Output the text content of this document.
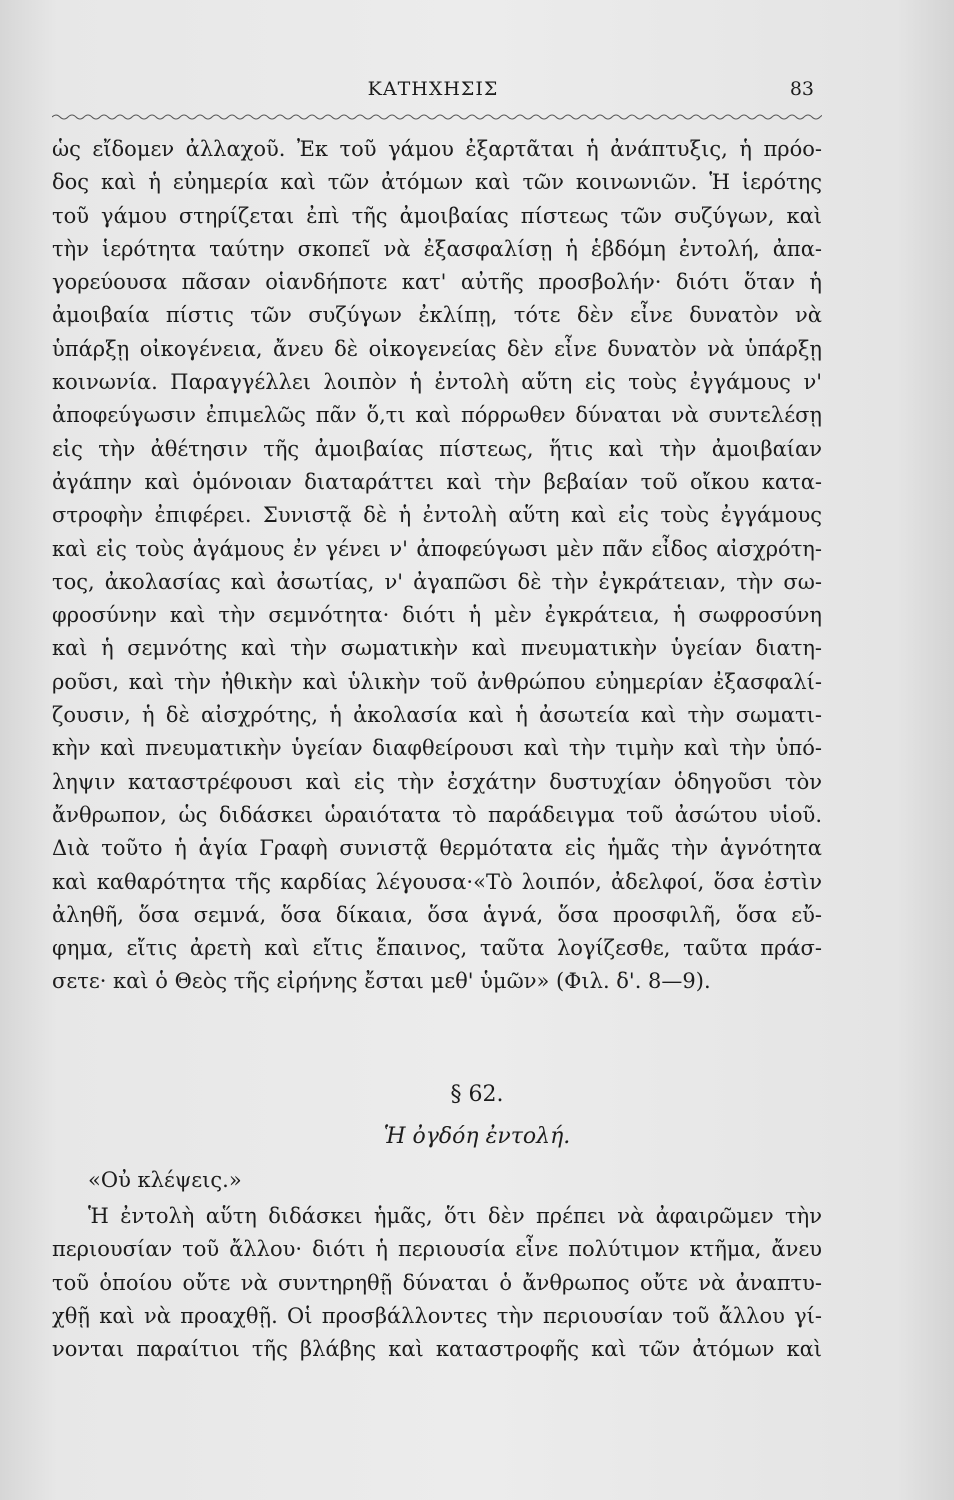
ΚΑΤΗΧΗΣΙΣ	83
ὡς εἴδομεν ἀλλαχοῦ. Ἐκ τοῦ γάμου ἐξαρτᾶται ἡ ἀνάπτυξις, ἡ πρόο-
δος καὶ ἡ εὐημερία καὶ τῶν ἀτόμων καὶ τῶν κοινωνιῶν. Ἡ ἱερότης
τοῦ γάμου στηρίζεται ἐπὶ τῆς ἀμοιβαίας πίστεως τῶν συζύγων, καὶ
τὴν ἱερότητα ταύτην σκοπεῖ νὰ ἐξασφαλίσῃ ἡ ἑβδόμη ἐντολή, ἀπα-
γορεύουσα πᾶσαν οἱανδήποτε κατ' αὐτῆς προσβολήν· διότι ὅταν ἡ
ἀμοιβαία πίστις τῶν συζύγων ἐκλίπῃ, τότε δὲν εἶνε δυνατὸν νὰ
ὑπάρξῃ οἰκογένεια, ἄνευ δὲ οἰκογενείας δὲν εἶνε δυνατὸν νὰ ὑπάρξῃ
κοινωνία. Παραγγέλλει λοιπὸν ἡ ἐντολὴ αὕτη εἰς τοὺς ἐγγάμους ν'
ἀποφεύγωσιν ἐπιμελῶς πᾶν ὅ,τι καὶ πόρρωθεν δύναται νὰ συντελέσῃ
εἰς τὴν ἀθέτησιν τῆς ἀμοιβαίας πίστεως, ἥτις καὶ τὴν ἀμοιβαίαν
ἀγάπην καὶ ὁμόνοιαν διαταράττει καὶ τὴν βεβαίαν τοῦ οἴκου κατα-
στροφὴν ἐπιφέρει. Συνιστᾷ δὲ ἡ ἐντολὴ αὕτη καὶ εἰς τοὺς ἐγγάμους
καὶ εἰς τοὺς ἀγάμους ἐν γένει ν' ἀποφεύγωσι μὲν πᾶν εἶδος αἰσχρότη-
τος, ἀκολασίας καὶ ἀσωτίας, ν' ἀγαπῶσι δὲ τὴν ἐγκράτειαν, τὴν σω-
φροσύνην καὶ τὴν σεμνότητα· διότι ἡ μὲν ἐγκράτεια, ἡ σωφροσύνη
καὶ ἡ σεμνότης καὶ τὴν σωματικὴν καὶ πνευματικὴν ὑγείαν διατη-
ροῦσι, καὶ τὴν ἠθικὴν καὶ ὑλικὴν τοῦ ἀνθρώπου εὐημερίαν ἐξασφαλί-
ζουσιν, ἡ δὲ αἰσχρότης, ἡ ἀκολασία καὶ ἡ ἀσωτεία καὶ τὴν σωματι-
κὴν καὶ πνευματικὴν ὑγείαν διαφθείρουσι καὶ τὴν τιμὴν καὶ τὴν ὑπό-
ληψιν καταστρέφουσι καὶ εἰς τὴν ἐσχάτην δυστυχίαν ὁδηγοῦσι τὸν
ἄνθρωπον, ὡς διδάσκει ὡραιότατα τὸ παράδειγμα τοῦ ἀσώτου υἱοῦ.
Διὰ τοῦτο ἡ ἁγία Γραφὴ συνιστᾷ θερμότατα εἰς ἡμᾶς τὴν ἁγνότητα
καὶ καθαρότητα τῆς καρδίας λέγουσα·«Τὸ λοιπόν, ἀδελφοί, ὅσα ἐστὶν
ἀληθῆ, ὅσα σεμνά, ὅσα δίκαια, ὅσα ἁγνά, ὅσα προσφιλῆ, ὅσα εὔ-
φημα, εἴτις ἀρετὴ καὶ εἴτις ἔπαινος, ταῦτα λογίζεσθε, ταῦτα πράσ-
σετε· καὶ ὁ Θεὸς τῆς εἰρήνης ἔσται μεθ' ὑμῶν» (Φιλ. δ'. 8—9).
§ 62.
Ἡ ὀγδόη ἐντολή.
«Οὐ κλέψεις.»
Ἡ ἐντολὴ αὕτη διδάσκει ἡμᾶς, ὅτι δὲν πρέπει νὰ ἀφαιρῶμεν τὴν
περιουσίαν τοῦ ἄλλου· διότι ἡ περιουσία εἶνε πολύτιμον κτῆμα, ἄνευ
τοῦ ὁποίου οὔτε νὰ συντηρηθῇ δύναται ὁ ἄνθρωπος οὔτε νὰ ἀναπτυ-
χθῇ καὶ νὰ προαχθῇ. Οἱ προσβάλλοντες τὴν περιουσίαν τοῦ ἄλλου γί-
νονται παραίτιοι τῆς βλάβης καὶ καταστροφῆς καὶ τῶν ἀτόμων καὶ
